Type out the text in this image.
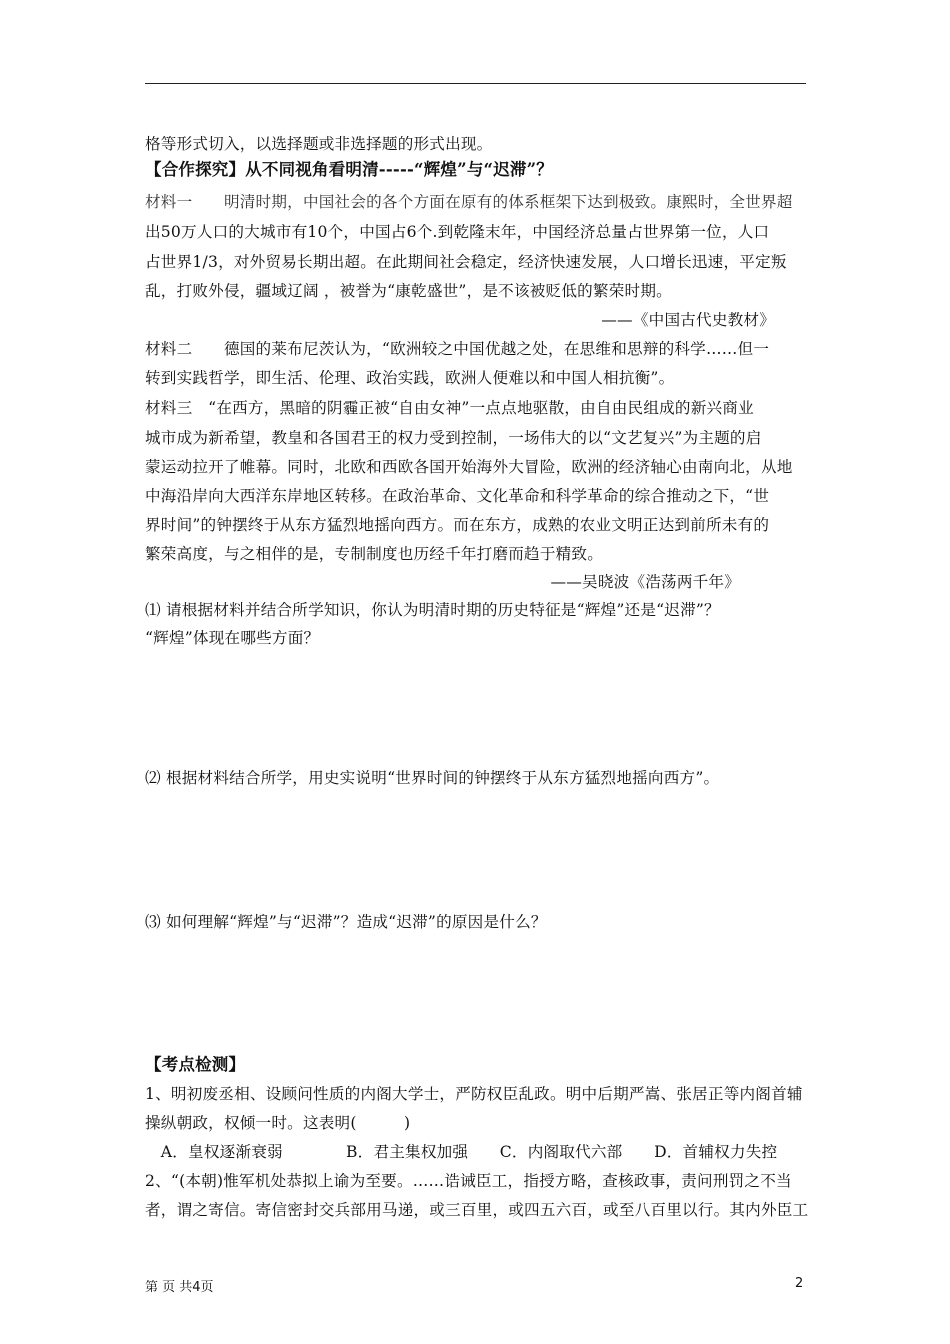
格等形式切入，以选择题或非选择题的形式出现。
【合作探究】从不同视角看明清-----“辉煌”与“迟滞”？
材料一　　明清时期，中国社会的各个方面在原有的体系框架下达到极致。康熙时，全世界超
出50万人口的大城市有10个，中国占6个.到乾隆末年，中国经济总量占世界第一位，人口
占世界1/3，对外贸易长期出超。在此期间社会稳定，经济快速发展，人口增长迅速，平定叛
乱，打败外侵，疆域辽阔 ，被誉为“康乾盛世”，是不该被贬低的繁荣时期。
——《中国古代史教材》
材料二　　德国的莱布尼茨认为，“欧洲较之中国优越之处，在思维和思辩的科学……但一
转到实践哲学，即生活、伦理、政治实践，欧洲人便难以和中国人相抗衡”。
材料三　“在西方，黑暗的阴霾正被“自由女神”一点点地驱散，由自由民组成的新兴商业
城市成为新希望，教皇和各国君王的权力受到控制，一场伟大的以“文艺复兴”为主题的启
蒙运动拉开了帷幕。同时，北欧和西欧各国开始海外大冒险，欧洲的经济轴心由南向北，从地
中海沿岸向大西洋东岸地区转移。在政治革命、文化革命和科学革命的综合推动之下，“世
界时间”的钟摆终于从东方猛烈地摇向西方。而在东方，成熟的农业文明正达到前所未有的
繁荣高度，与之相伴的是，专制制度也历经千年打磨而趋于精致。
——吴晓波《浩荡两千年》
⑴ 请根据材料并结合所学知识，你认为明清时期的历史特征是“辉煌”还是“迟滞”？
“辉煌”体现在哪些方面？
⑵ 根据材料结合所学，用史实说明“世界时间的钟摆终于从东方猛烈地摇向西方”。
⑶ 如何理解“辉煌”与“迟滞”？造成“迟滞”的原因是什么？
【考点检测】
1、明初废丞相、设顾问性质的内阁大学士，严防权臣乱政。明中后期严嵩、张居正等内阁首辅
操纵朝政，权倾一时。这表明(　　　)
　A．皇权逐渐衰弱　　　　B．君主集权加强　　C．内阁取代六部　　D．首辅权力失控
2、“(本朝)惟军机处恭拟上谕为至要。……诰诫臣工，指授方略，查核政事，责问刑罚之不当
者，谓之寄信。寄信密封交兵部用马递，或三百里，或四五六百，或至八百里以行。其内外臣工
第 页 共4页	2
